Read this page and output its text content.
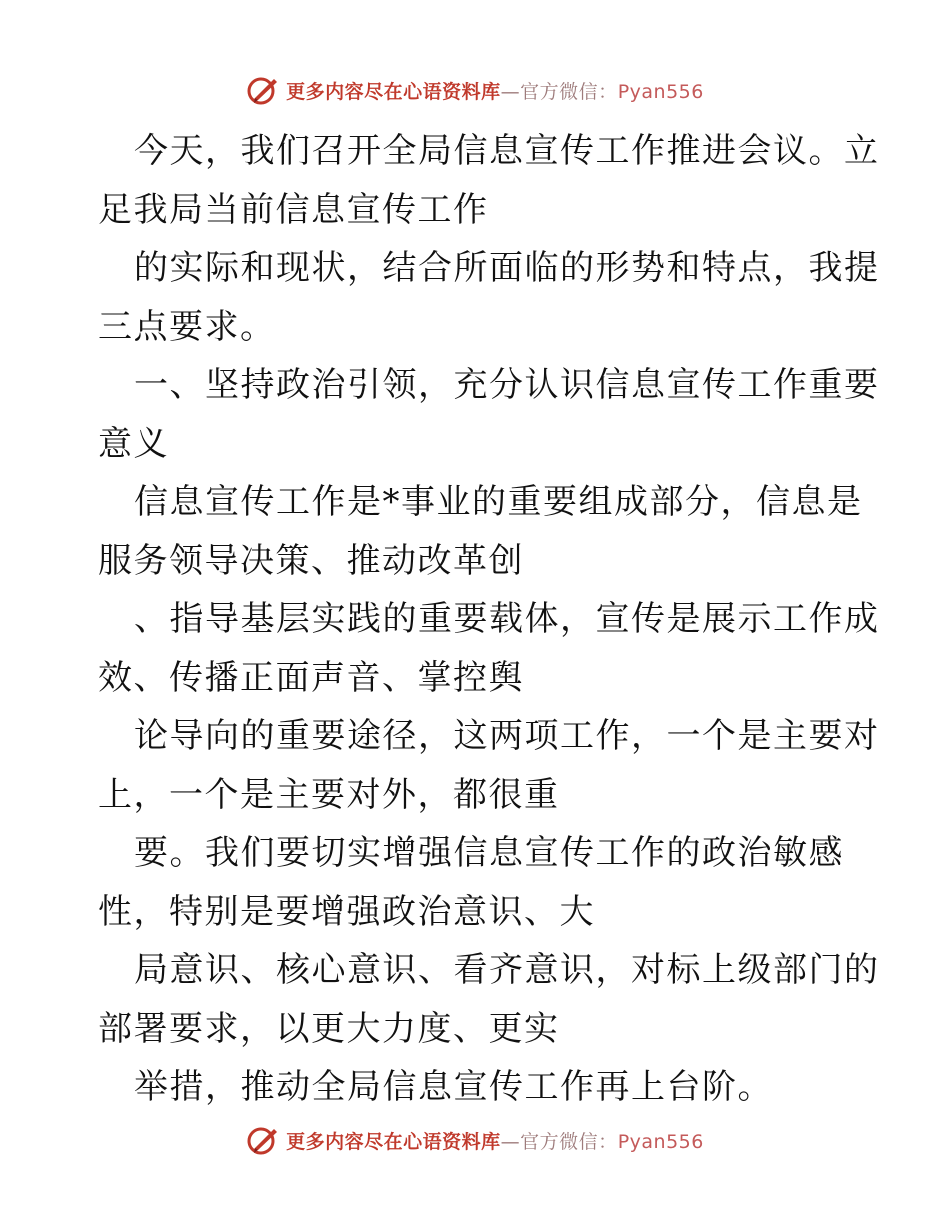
更多内容尽在心语资料库—官方微信：Pyan556
今天，我们召开全局信息宣传工作推进会议。立
足我局当前信息宣传工作
的实际和现状，结合所面临的形势和特点，我提
三点要求。
一、坚持政治引领，充分认识信息宣传工作重要
意义
信息宣传工作是*事业的重要组成部分，信息是
服务领导决策、推动改革创
、指导基层实践的重要载体，宣传是展示工作成
效、传播正面声音、掌控舆
论导向的重要途径，这两项工作，一个是主要对
上，一个是主要对外，都很重
要。我们要切实增强信息宣传工作的政治敏感
性，特别是要增强政治意识、大
局意识、核心意识、看齐意识，对标上级部门的
部署要求，以更大力度、更实
举措，推动全局信息宣传工作再上台阶。
更多内容尽在心语资料库—官方微信：Pyan556
